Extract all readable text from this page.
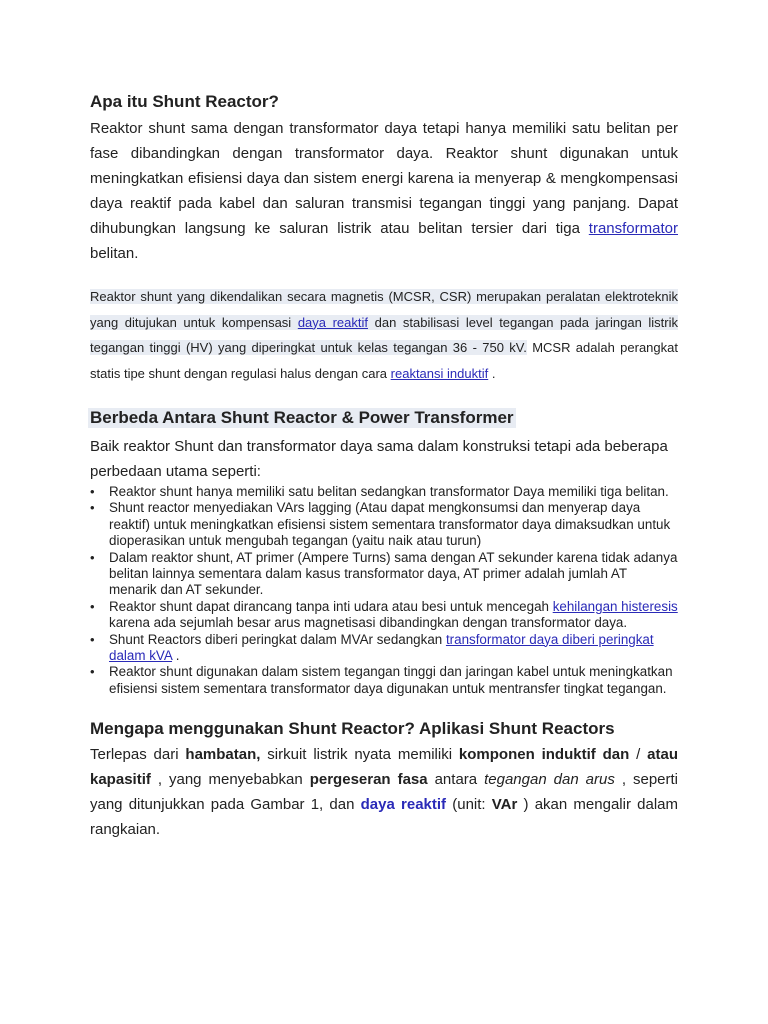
Apa itu Shunt Reactor?

Reaktor shunt sama dengan transformator daya tetapi hanya memiliki satu belitan per fase dibandingkan dengan transformator daya. Reaktor shunt digunakan untuk meningkatkan efisiensi daya dan sistem energi karena ia menyerap & mengkompensasi daya reaktif pada kabel dan saluran transmisi tegangan tinggi yang panjang. Dapat dihubungkan langsung ke saluran listrik atau belitan tersier dari tiga transformator belitan.

Reaktor shunt yang dikendalikan secara magnetis (MCSR, CSR) merupakan peralatan elektroteknik yang ditujukan untuk kompensasi daya reaktif dan stabilisasi level tegangan pada jaringan listrik tegangan tinggi (HV) yang diperingkat untuk kelas tegangan 36 - 750 kV. MCSR adalah perangkat statis tipe shunt dengan regulasi halus dengan cara reaktansi induktif .

Berbeda Antara Shunt Reactor & Power Transformer

Baik reaktor Shunt dan transformator daya sama dalam konstruksi tetapi ada beberapa perbedaan utama seperti:

• Reaktor shunt hanya memiliki satu belitan sedangkan transformator Daya memiliki tiga belitan.
• Shunt reactor menyediakan VArs lagging (Atau dapat mengkonsumsi dan menyerap daya reaktif) untuk meningkatkan efisiensi sistem sementara transformator daya dimaksudkan untuk dioperasikan untuk mengubah tegangan (yaitu naik atau turun)
• Dalam reaktor shunt, AT primer (Ampere Turns) sama dengan AT sekunder karena tidak adanya belitan lainnya sementara dalam kasus transformator daya, AT primer adalah jumlah AT menarik dan AT sekunder.
• Reaktor shunt dapat dirancang tanpa inti udara atau besi untuk mencegah kehilangan histeresis karena ada sejumlah besar arus magnetisasi dibandingkan dengan transformator daya.
• Shunt Reactors diberi peringkat dalam MVAr sedangkan transformator daya diberi peringkat dalam kVA .
• Reaktor shunt digunakan dalam sistem tegangan tinggi dan jaringan kabel untuk meningkatkan efisiensi sistem sementara transformator daya digunakan untuk mentransfer tingkat tegangan.
Mengapa menggunakan Shunt Reactor? Aplikasi Shunt Reactors

Terlepas dari hambatan, sirkuit listrik nyata memiliki komponen induktif dan / atau kapasitif , yang menyebabkan pergeseran fasa antara tegangan dan arus , seperti yang ditunjukkan pada Gambar 1, dan daya reaktif (unit: VAr ) akan mengalir dalam rangkaian.
